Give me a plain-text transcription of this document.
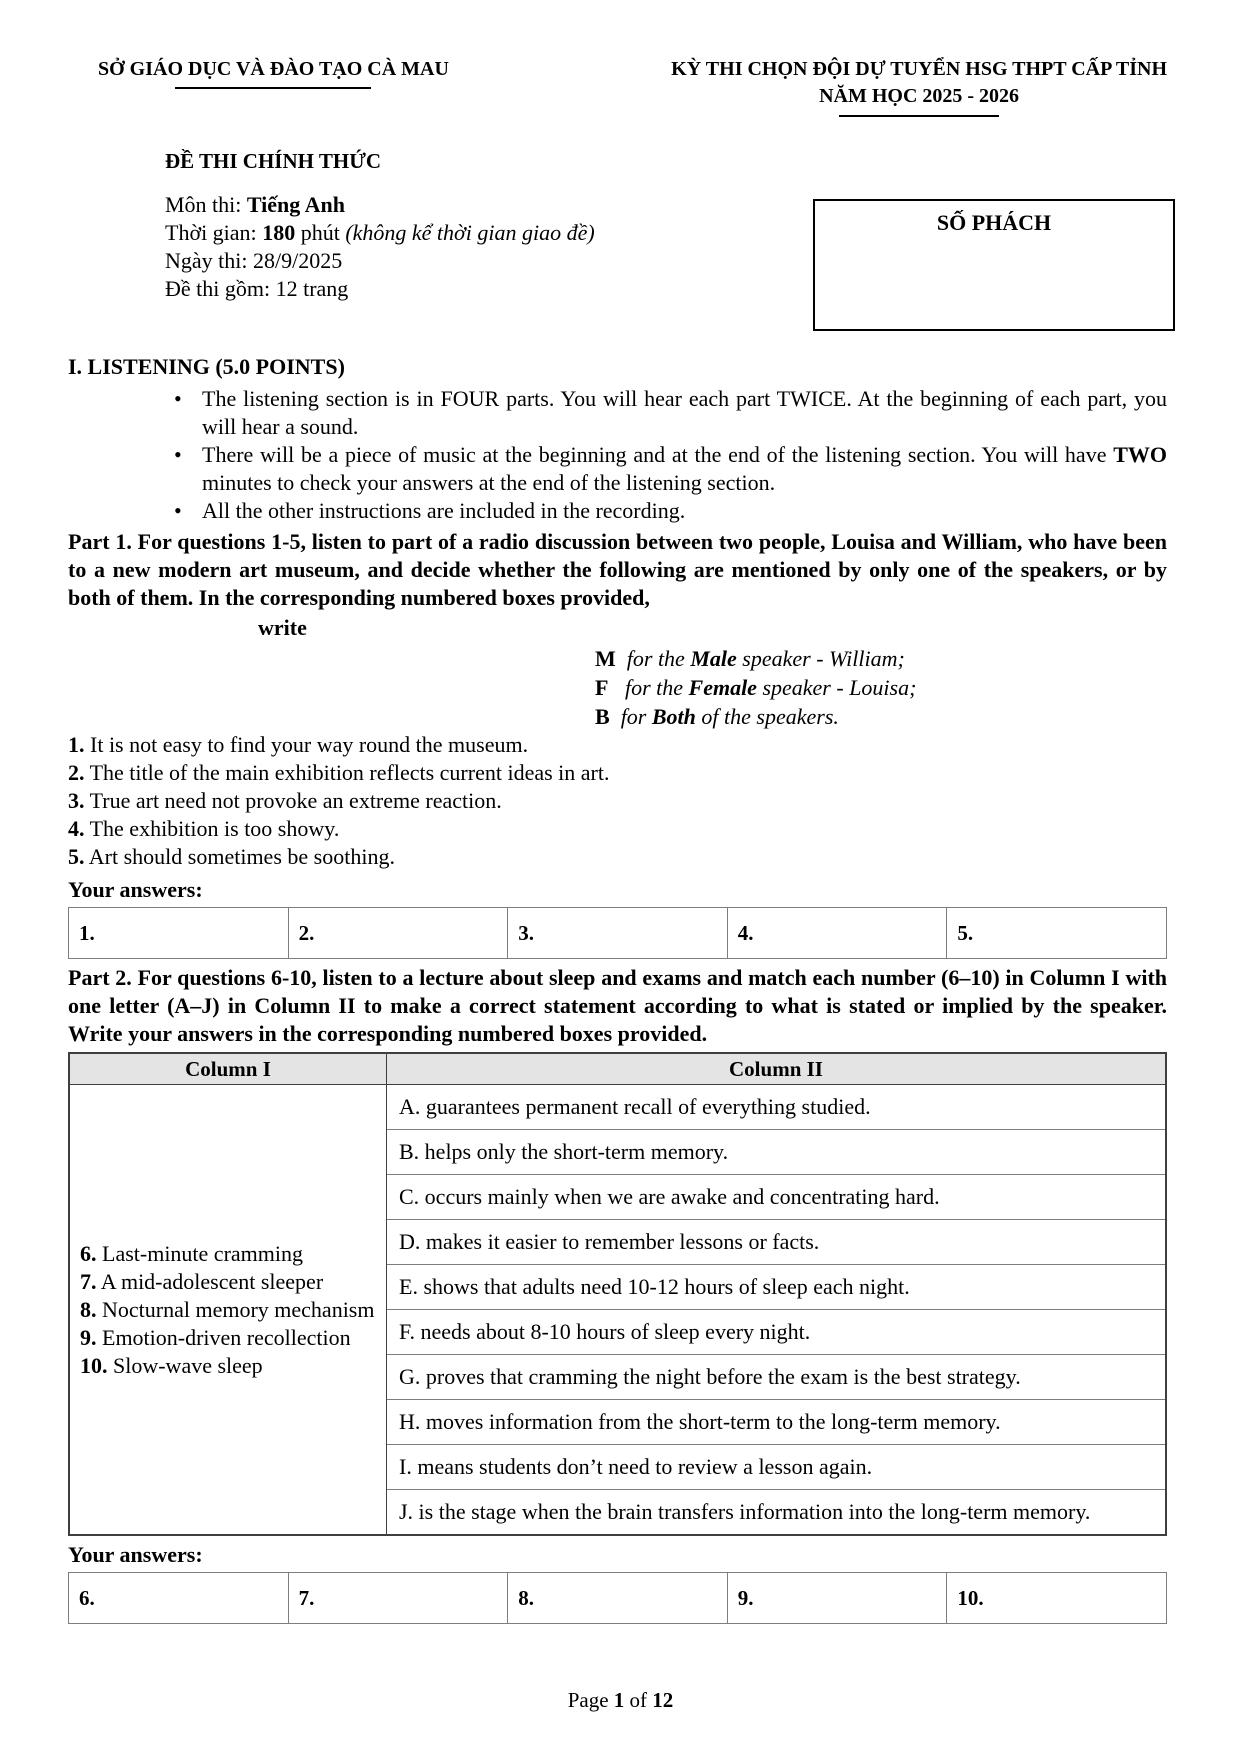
SỞ GIÁO DỤC VÀ ĐÀO TẠO CÀ MAU	KỲ THI CHỌN ĐỘI DỰ TUYỂN HSG THPT CẤP TỈNH
NĂM HỌC 2025 - 2026
ĐỀ THI CHÍNH THỨC
Môn thi: Tiếng Anh
Thời gian: 180 phút (không kể thời gian giao đề)
Ngày thi: 28/9/2025
Đề thi gồm: 12 trang
SỐ PHÁCH
I. LISTENING (5.0 POINTS)
• The listening section is in FOUR parts. You will hear each part TWICE. At the beginning of each part, you will hear a sound.
• There will be a piece of music at the beginning and at the end of the listening section. You will have TWO minutes to check your answers at the end of the listening section.
• All the other instructions are included in the recording.
Part 1. For questions 1-5, listen to part of a radio discussion between two people, Louisa and William, who have been to a new modern art museum, and decide whether the following are mentioned by only one of the speakers, or by both of them. In the corresponding numbered boxes provided,
write
M for the Male speaker - William;
F for the Female speaker - Louisa;
B for Both of the speakers.
1. It is not easy to find your way round the museum.
2. The title of the main exhibition reflects current ideas in art.
3. True art need not provoke an extreme reaction.
4. The exhibition is too showy.
5. Art should sometimes be soothing.
Your answers:
1.	2.	3.	4.	5.
Part 2. For questions 6-10, listen to a lecture about sleep and exams and match each number (6–10) in Column I with one letter (A–J) in Column II to make a correct statement according to what is stated or implied by the speaker. Write your answers in the corresponding numbered boxes provided.
Column I	Column II

6. Last-minute cramming
7. A mid-adolescent sleeper
8. Nocturnal memory mechanism
9. Emotion-driven recollection
10. Slow-wave sleep	A. guarantees permanent recall of everything studied.
	B. helps only the short-term memory.
	C. occurs mainly when we are awake and concentrating hard.
	D. makes it easier to remember lessons or facts.
	E. shows that adults need 10-12 hours of sleep each night.
	F. needs about 8-10 hours of sleep every night.
	G. proves that cramming the night before the exam is the best strategy.
	H. moves information from the short-term to the long-term memory.
	I. means students don’t need to review a lesson again.
	J. is the stage when the brain transfers information into the long-term memory.
Your answers:
6.	7.	8.	9.	10.
Page 1 of 12
